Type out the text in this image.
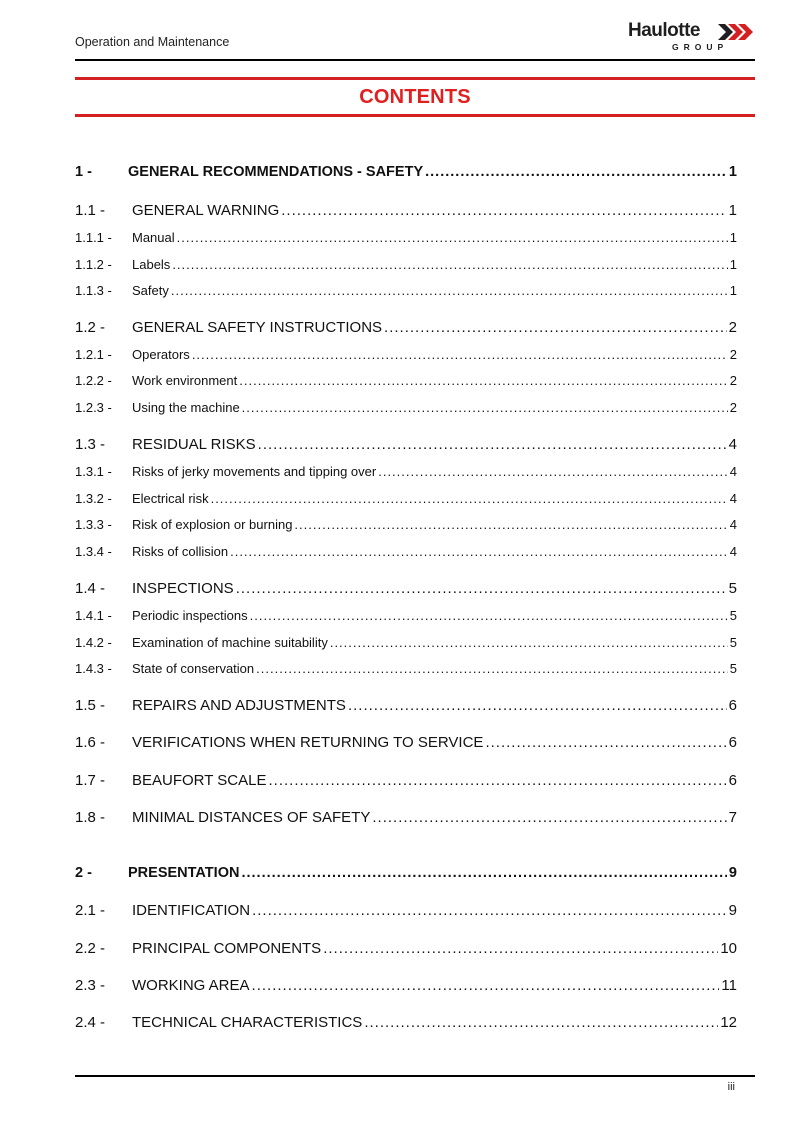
Operation and Maintenance
Haulotte
GROUP
CONTENTS
1 -	GENERAL RECOMMENDATIONS - SAFETY .....	1
1.1 -	GENERAL WARNING .....	1
1.1.1 -	Manual .....	1
1.1.2 -	Labels .....	1
1.1.3 -	Safety .....	1
1.2 -	GENERAL SAFETY INSTRUCTIONS .....	2
1.2.1 -	Operators .....	2
1.2.2 -	Work environment .....	2
1.2.3 -	Using the machine .....	2
1.3 -	RESIDUAL RISKS .....	4
1.3.1 -	Risks of jerky movements and tipping over .....	4
1.3.2 -	Electrical risk .....	4
1.3.3 -	Risk of explosion or burning .....	4
1.3.4 -	Risks of collision .....	4
1.4 -	INSPECTIONS .....	5
1.4.1 -	Periodic inspections .....	5
1.4.2 -	Examination of machine suitability .....	5
1.4.3 -	State of conservation .....	5
1.5 -	REPAIRS AND ADJUSTMENTS .....	6
1.6 -	VERIFICATIONS WHEN RETURNING TO SERVICE .....	6
1.7 -	BEAUFORT SCALE .....	6
1.8 -	MINIMAL DISTANCES OF SAFETY .....	7
2 -	PRESENTATION .....	9
2.1 -	IDENTIFICATION .....	9
2.2 -	PRINCIPAL COMPONENTS .....	10
2.3 -	WORKING AREA .....	11
2.4 -	TECHNICAL CHARACTERISTICS .....	12
iii
